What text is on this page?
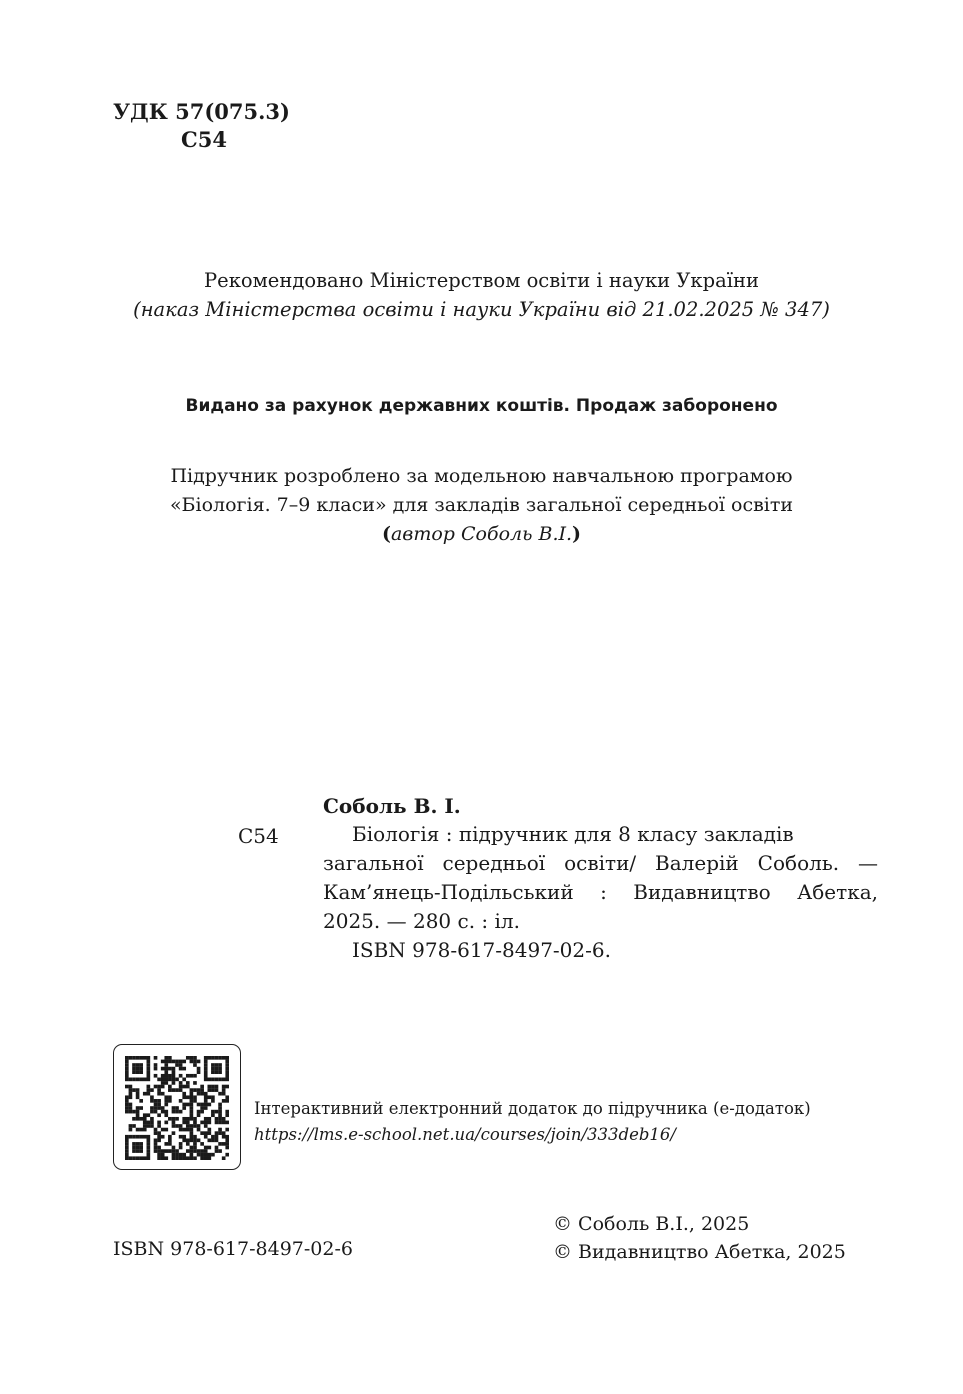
УДК 57(075.3)
С54
Рекомендовано Міністерством освіти і науки України
(наказ Міністерства освіти і науки України від 21.02.2025 № 347)
Видано за рахунок державних коштів. Продаж заборонено
Підручник розроблено за модельною навчальною програмою
«Біологія. 7–9 класи» для закладів загальної середньої освіти
(автор Соболь В.І.)
Соболь В. І.
С54	Біологія : підручник для 8 класу закладів
загальної середньої освіти/ Валерій Соболь. —
Кам’янець-Подільський : Видавництво Абетка,
2025. — 280 с. : іл.
ISBN 978-617-8497-02-6.
Інтерактивний електронний додаток до підручника (е-додаток)
https://lms.e-school.net.ua/courses/join/333deb16/
ISBN 978-617-8497-02-6
© Соболь В.І., 2025
© Видавництво Абетка, 2025
